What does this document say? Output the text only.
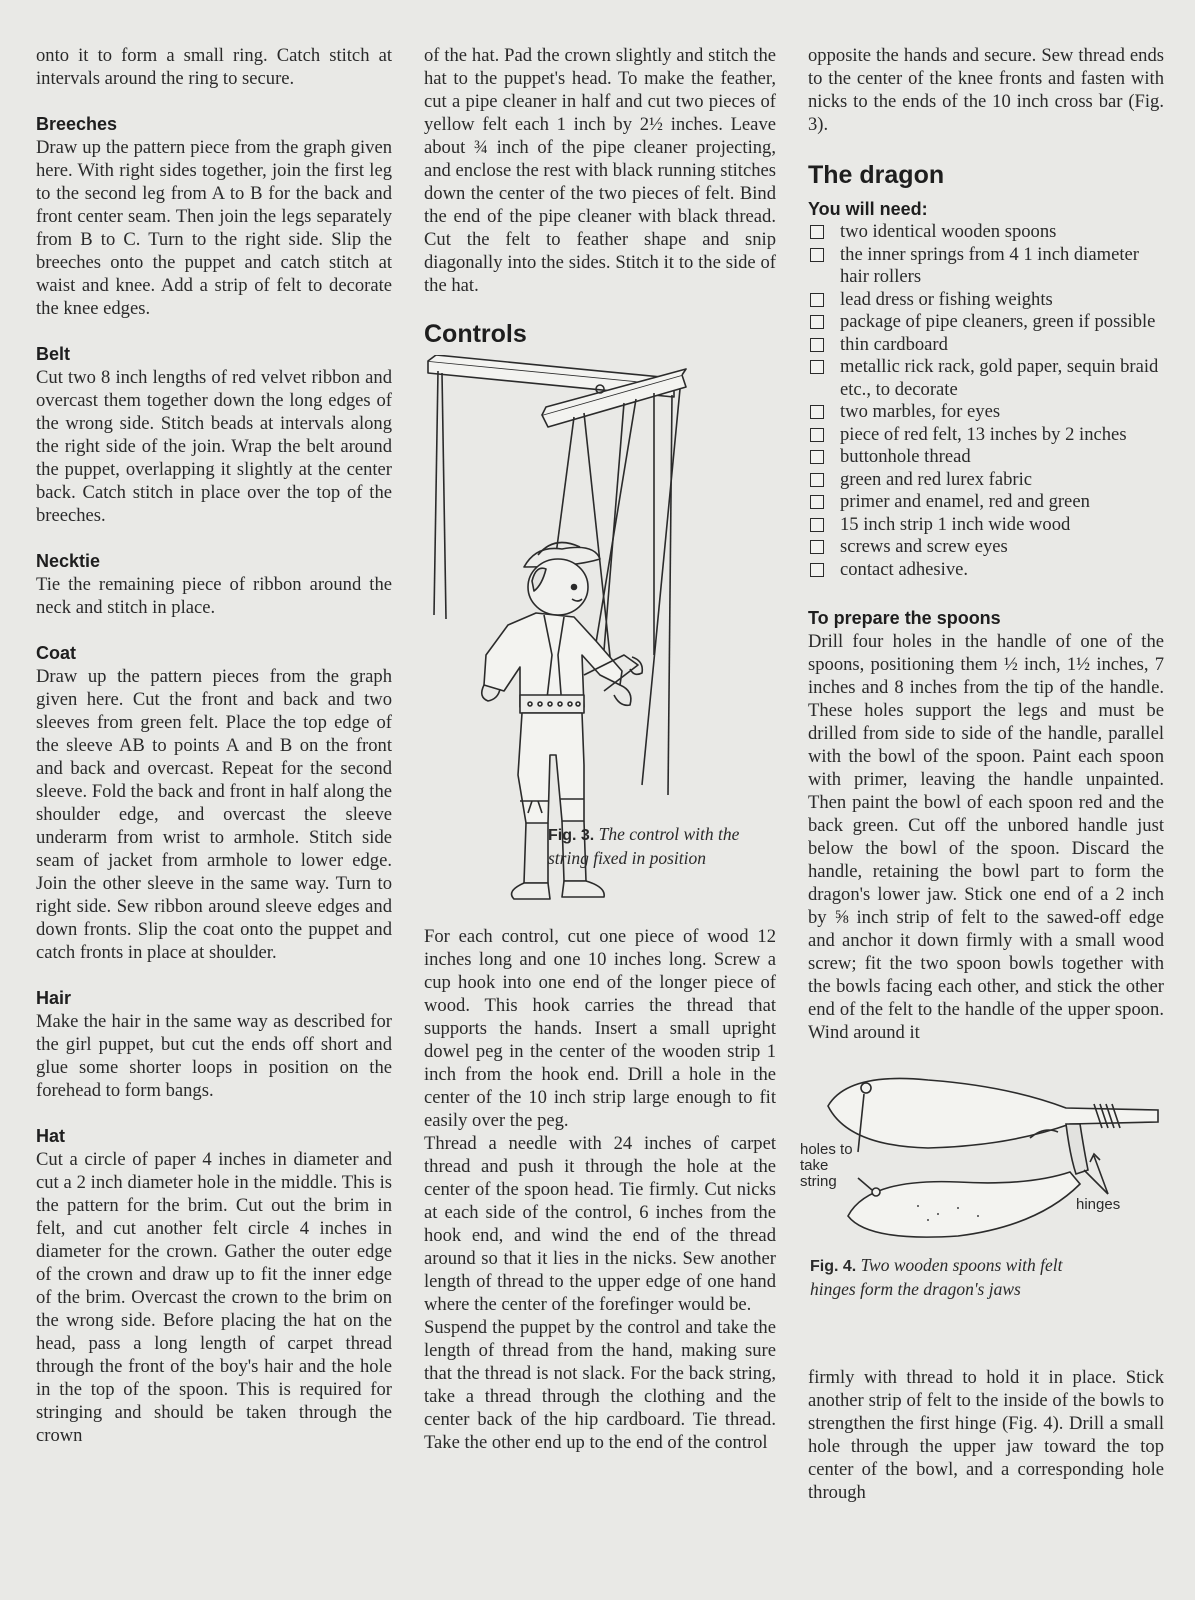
onto it to form a small ring. Catch stitch at intervals around the ring to secure.

Breeches

Draw up the pattern piece from the graph given here. With right sides together, join the first leg to the second leg from A to B for the back and front center seam. Then join the legs separately from B to C. Turn to the right side. Slip the breeches onto the puppet and catch stitch at waist and knee. Add a strip of felt to decorate the knee edges.

Belt

Cut two 8 inch lengths of red velvet ribbon and overcast them together down the long edges of the wrong side. Stitch beads at intervals along the right side of the join. Wrap the belt around the puppet, overlapping it slightly at the center back. Catch stitch in place over the top of the breeches.

Necktie

Tie the remaining piece of ribbon around the neck and stitch in place.

Coat

Draw up the pattern pieces from the graph given here. Cut the front and back and two sleeves from green felt. Place the top edge of the sleeve AB to points A and B on the front and back and overcast. Repeat for the second sleeve. Fold the back and front in half along the shoulder edge, and overcast the sleeve underarm from wrist to armhole. Stitch side seam of jacket from armhole to lower edge. Join the other sleeve in the same way. Turn to right side. Sew ribbon around sleeve edges and down fronts. Slip the coat onto the puppet and catch fronts in place at shoulder.

Hair

Make the hair in the same way as described for the girl puppet, but cut the ends off short and glue some shorter loops in position on the forehead to form bangs.

Hat

Cut a circle of paper 4 inches in diameter and cut a 2 inch diameter hole in the middle. This is the pattern for the brim. Cut out the brim in felt, and cut another felt circle 4 inches in diameter for the crown. Gather the outer edge of the crown and draw up to fit the inner edge of the brim. Overcast the crown to the brim on the wrong side. Before placing the hat on the head, pass a long length of carpet thread through the front of the boy's hair and the hole in the top of the spoon. This is required for stringing and should be taken through the crown

of the hat. Pad the crown slightly and stitch the hat to the puppet's head. To make the feather, cut a pipe cleaner in half and cut two pieces of yellow felt each 1 inch by 2½ inches. Leave about ¾ inch of the pipe cleaner projecting, and enclose the rest with black running stitches down the center of the two pieces of felt. Bind the end of the pipe cleaner with black thread. Cut the felt to feather shape and snip diagonally into the sides. Stitch it to the side of the hat.

Controls
Fig. 3. The control with the string fixed in position

For each control, cut one piece of wood 12 inches long and one 10 inches long. Screw a cup hook into one end of the longer piece of wood. This hook carries the thread that supports the hands. Insert a small upright dowel peg in the center of the wooden strip 1 inch from the hook end. Drill a hole in the center of the 10 inch strip large enough to fit easily over the peg.

Thread a needle with 24 inches of carpet thread and push it through the hole at the center of the spoon head. Tie firmly. Cut nicks at each side of the control, 6 inches from the hook end, and wind the end of the thread around so that it lies in the nicks. Sew another length of thread to the upper edge of one hand where the center of the forefinger would be.

Suspend the puppet by the control and take the length of thread from the hand, making sure that the thread is not slack. For the back string, take a thread through the clothing and the center back of the hip cardboard. Tie thread. Take the other end up to the end of the control

opposite the hands and secure. Sew thread ends to the center of the knee fronts and fasten with nicks to the ends of the 10 inch cross bar (Fig. 3).

The dragon
You will need:
two identical wooden spoons
the inner springs from 4 1 inch diameter hair rollers
lead dress or fishing weights
package of pipe cleaners, green if possible
thin cardboard
metallic rick rack, gold paper, sequin braid etc., to decorate
two marbles, for eyes
piece of red felt, 13 inches by 2 inches
buttonhole thread
green and red lurex fabric
primer and enamel, red and green
15 inch strip 1 inch wide wood
screws and screw eyes
contact adhesive.
To prepare the spoons

Drill four holes in the handle of one of the spoons, positioning them ½ inch, 1½ inches, 7 inches and 8 inches from the tip of the handle. These holes support the legs and must be drilled from side to side of the handle, parallel with the bowl of the spoon. Paint each spoon with primer, leaving the handle unpainted. Then paint the bowl of each spoon red and the back green. Cut off the unbored handle just below the bowl of the spoon. Discard the handle, retaining the bowl part to form the dragon's lower jaw. Stick one end of a 2 inch by ⅝ inch strip of felt to the sawed-off edge and anchor it down firmly with a small wood screw; fit the two spoon bowls together with the bowls facing each other, and stick the other end of the felt to the handle of the upper spoon. Wind around it

holes to take string
hinges
Fig. 4. Two wooden spoons with felt hinges form the dragon's jaws

firmly with thread to hold it in place. Stick another strip of felt to the inside of the bowls to strengthen the first hinge (Fig. 4). Drill a small hole through the upper jaw toward the top center of the bowl, and a corresponding hole through
